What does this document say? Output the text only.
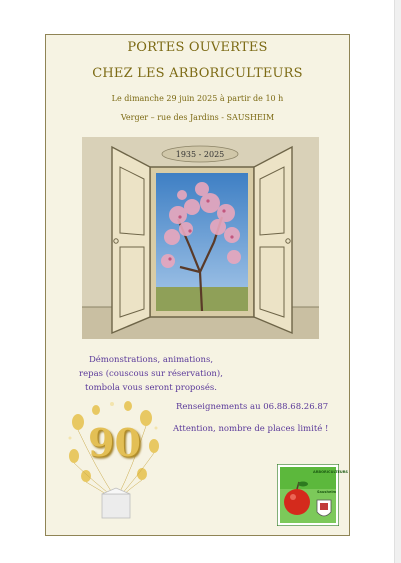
PORTES OUVERTES
CHEZ LES ARBORICULTEURS
Le dimanche 29 juin 2025 à partir de 10 h
Verger – rue des Jardins - SAUSHEIM
1935 - 2025
Démonstrations, animations,
repas (couscous sur réservation),
tombola vous seront proposés.
Renseignements au 06.88.68.26.87
Attention, nombre de places limité !
90
ARBORICULTEURS
Sausheim
